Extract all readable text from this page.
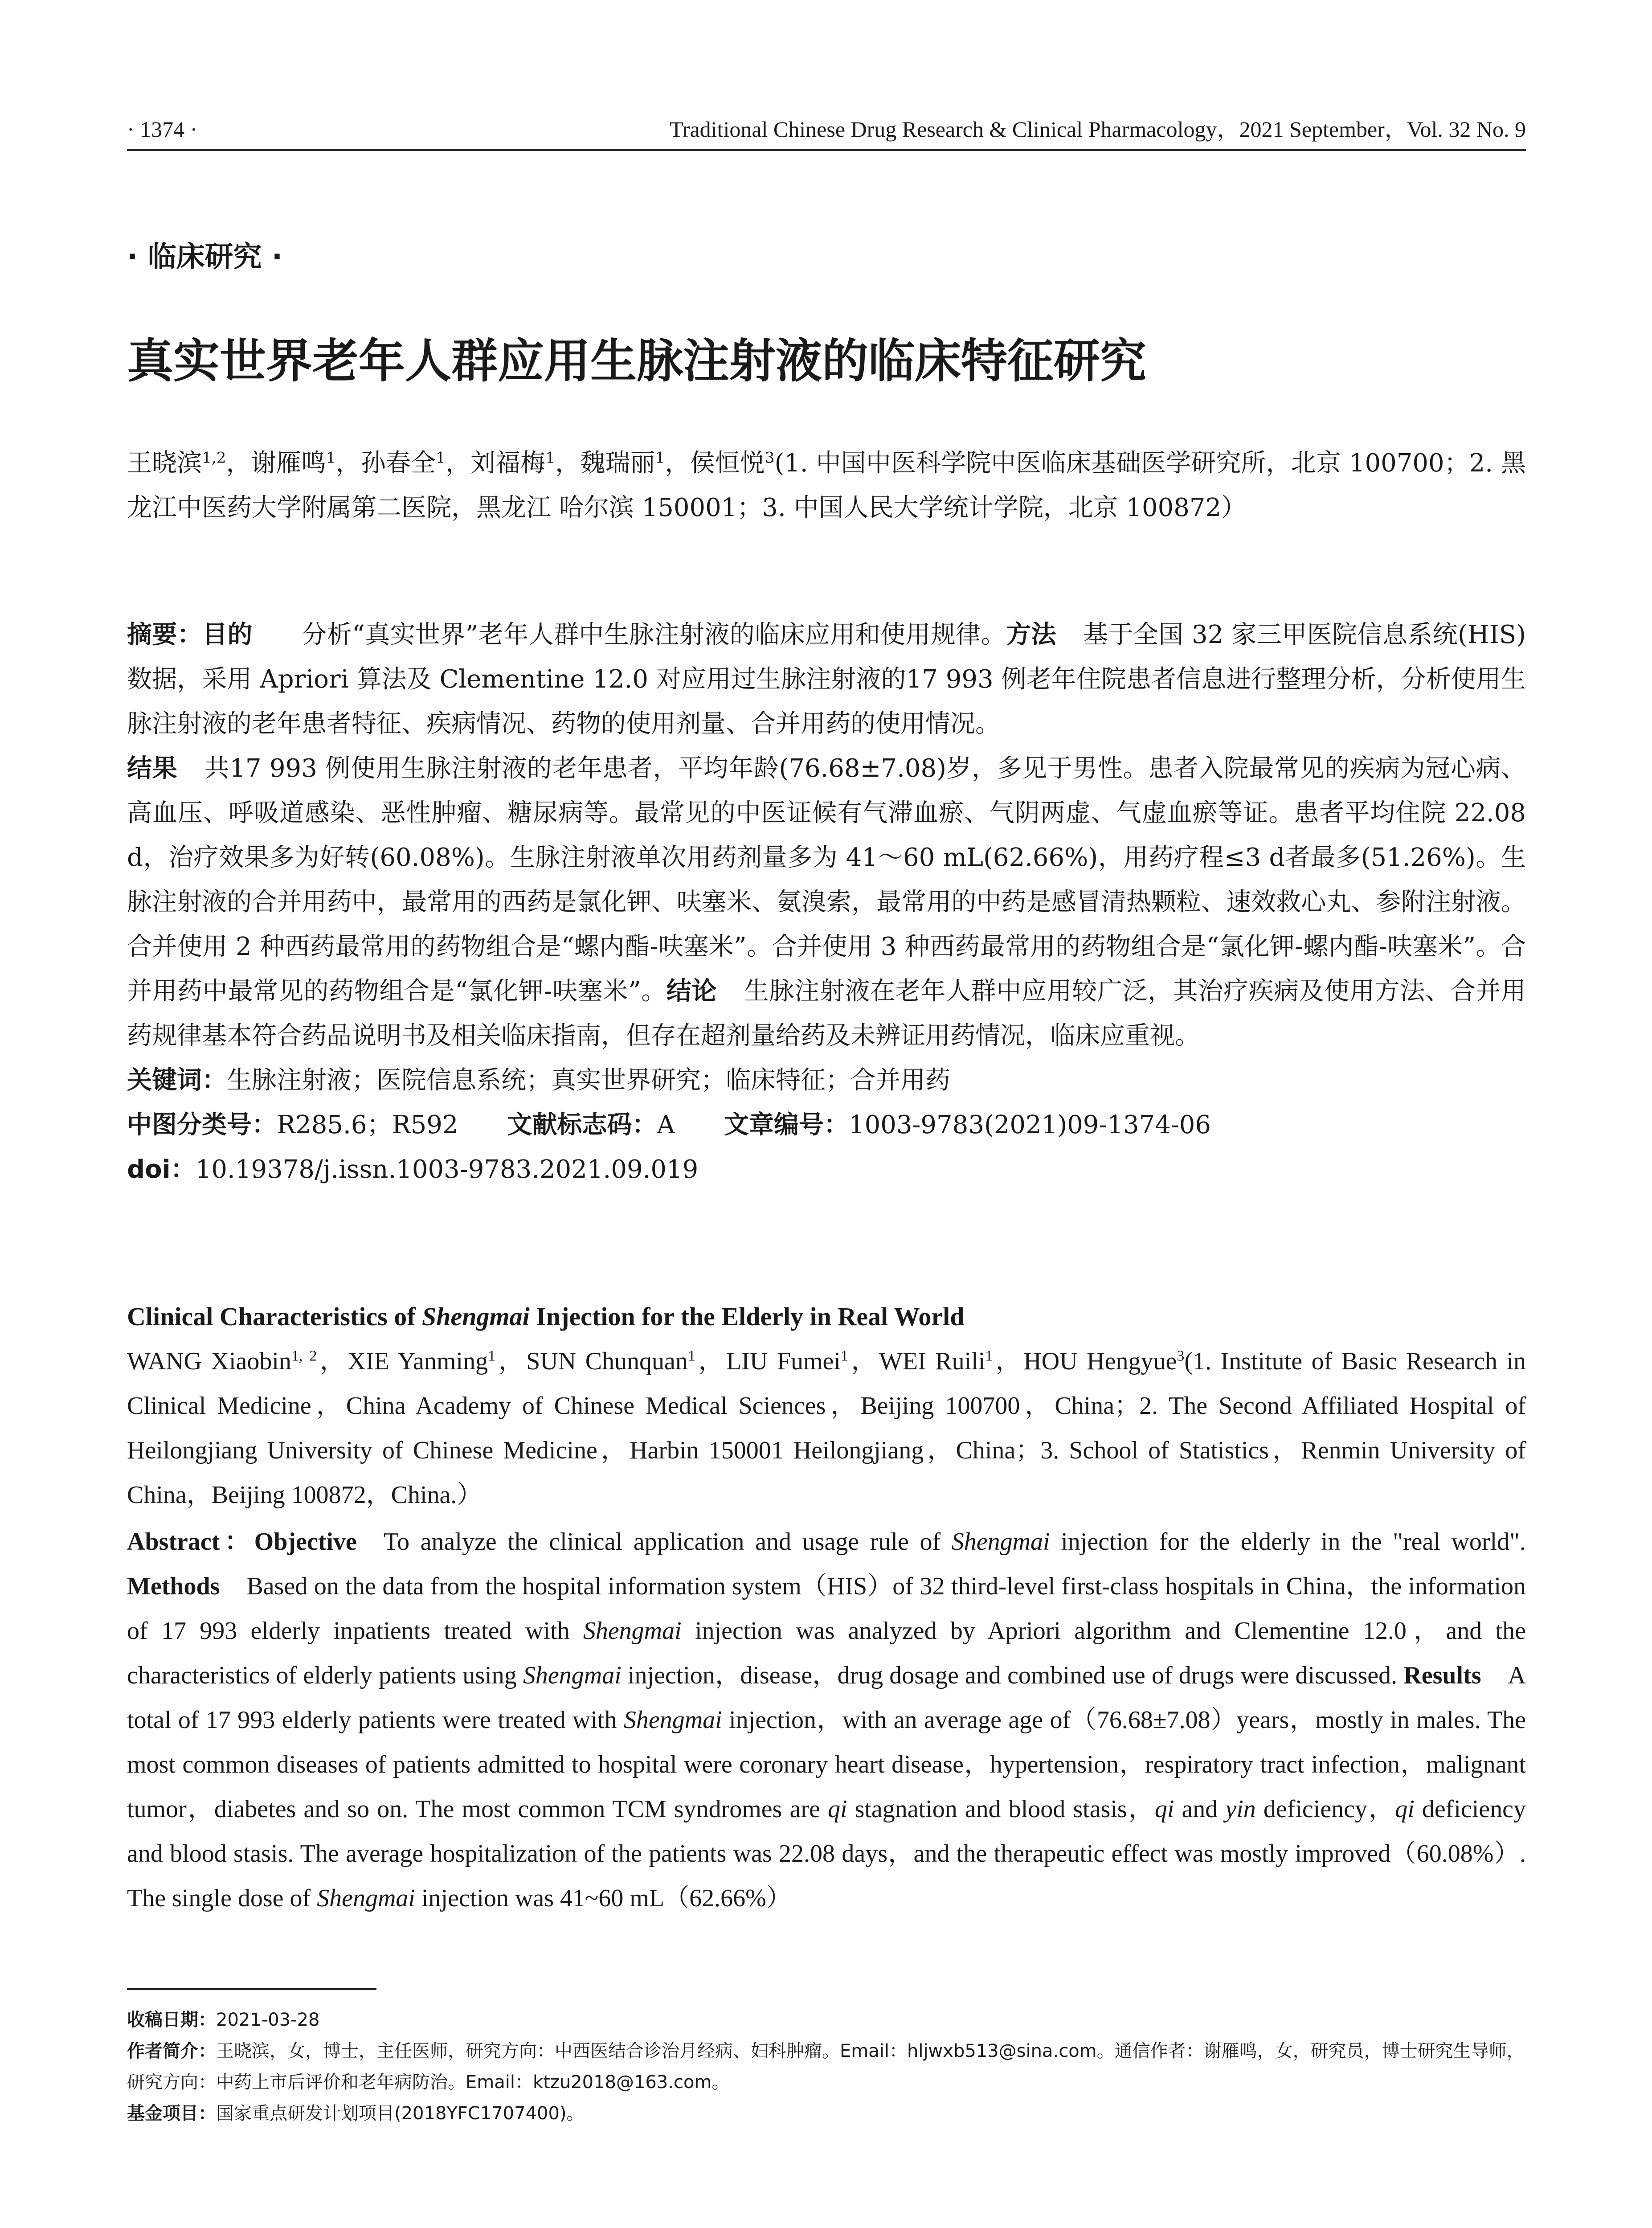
· 1374 ·	Traditional Chinese Drug Research & Clinical Pharmacology，2021 September，Vol. 32 No. 9
· 临床研究 ·
真实世界老年人群应用生脉注射液的临床特征研究
王晓滨$^{1,2}$，谢雁鸣$^1$，孙春全$^1$，刘福梅$^1$，魏瑞丽$^1$，侯恒悦$^3$(1. 中国中医科学院中医临床基础医学研究所，北京 100700；2. 黑龙江中医药大学附属第二医院，黑龙江 哈尔滨 150001；3. 中国人民大学统计学院，北京 100872）

摘要：目的 分析“真实世界”老年人群中生脉注射液的临床应用和使用规律。方法 基于全国 32 家三甲医院信息系统(HIS)数据，采用 Apriori 算法及 Clementine 12.0 对应用过生脉注射液的17 993 例老年住院患者信息进行整理分析，分析使用生脉注射液的老年患者特征、疾病情况、药物的使用剂量、合并用药的使用情况。
结果 共17 993 例使用生脉注射液的老年患者，平均年龄(76.68±7.08)岁，多见于男性。患者入院最常见的疾病为冠心病、高血压、呼吸道感染、恶性肿瘤、糖尿病等。最常见的中医证候有气滞血瘀、气阴两虚、气虚血瘀等证。患者平均住院 22.08 d，治疗效果多为好转(60.08%)。生脉注射液单次用药剂量多为 41～60 mL(62.66%)，用药疗程≤3 d者最多(51.26%)。生脉注射液的合并用药中，最常用的西药是氯化钾、呋塞米、氨溴索，最常用的中药是感冒清热颗粒、速效救心丸、参附注射液。合并使用 2 种西药最常用的药物组合是“螺内酯-呋塞米”。合并使用 3 种西药最常用的药物组合是“氯化钾-螺内酯-呋塞米”。合并用药中最常见的药物组合是“氯化钾-呋塞米”。结论 生脉注射液在老年人群中应用较广泛，其治疗疾病及使用方法、合并用药规律基本符合药品说明书及相关临床指南，但存在超剂量给药及未辨证用药情况，临床应重视。

关键词：生脉注射液；医院信息系统；真实世界研究；临床特征；合并用药

中图分类号：R285.6；R592 文献标志码：A 文章编号：1003-9783(2021)09-1374-06

doi：10.19378/j.issn.1003-9783.2021.09.019

Clinical Characteristics of Shengmai Injection for the Elderly in Real World
WANG Xiaobin$^{1, 2}$，XIE Yanming$^1$，SUN Chunquan$^1$，LIU Fumei$^1$，WEI Ruili$^1$，HOU Hengyue$^3$(1. Institute of Basic Research in Clinical Medicine，China Academy of Chinese Medical Sciences，Beijing 100700，China；2. The Second Affiliated Hospital of Heilongjiang University of Chinese Medicine，Harbin 150001 Heilongjiang，China；3. School of Statistics，Renmin University of China，Beijing 100872，China.）

Abstract：Objective To analyze the clinical application and usage rule of Shengmai injection for the elderly in the "real world". Methods Based on the data from the hospital information system（HIS）of 32 third-level first-class hospitals in China，the information of 17 993 elderly inpatients treated with Shengmai injection was analyzed by Apriori algorithm and Clementine 12.0，and the characteristics of elderly patients using Shengmai injection，disease，drug dosage and combined use of drugs were discussed. Results A total of 17 993 elderly patients were treated with Shengmai injection，with an average age of（76.68±7.08）years，mostly in males. The most common diseases of patients admitted to hospital were coronary heart disease，hypertension，respiratory tract infection，malignant tumor，diabetes and so on. The most common TCM syndromes are qi stagnation and blood stasis，qi and yin deficiency，qi deficiency and blood stasis. The average hospitalization of the patients was 22.08 days，and the therapeutic effect was mostly improved（60.08%）. The single dose of Shengmai injection was 41~60 mL（62.66%）

收稿日期：2021-03-28

作者简介：王晓滨，女，博士，主任医师，研究方向：中西医结合诊治月经病、妇科肿瘤。Email：hljwxb513@sina.com。通信作者：谢雁鸣，女，研究员，博士研究生导师，研究方向：中药上市后评价和老年病防治。Email：ktzu2018@163.com。

基金项目：国家重点研发计划项目(2018YFC1707400)。
